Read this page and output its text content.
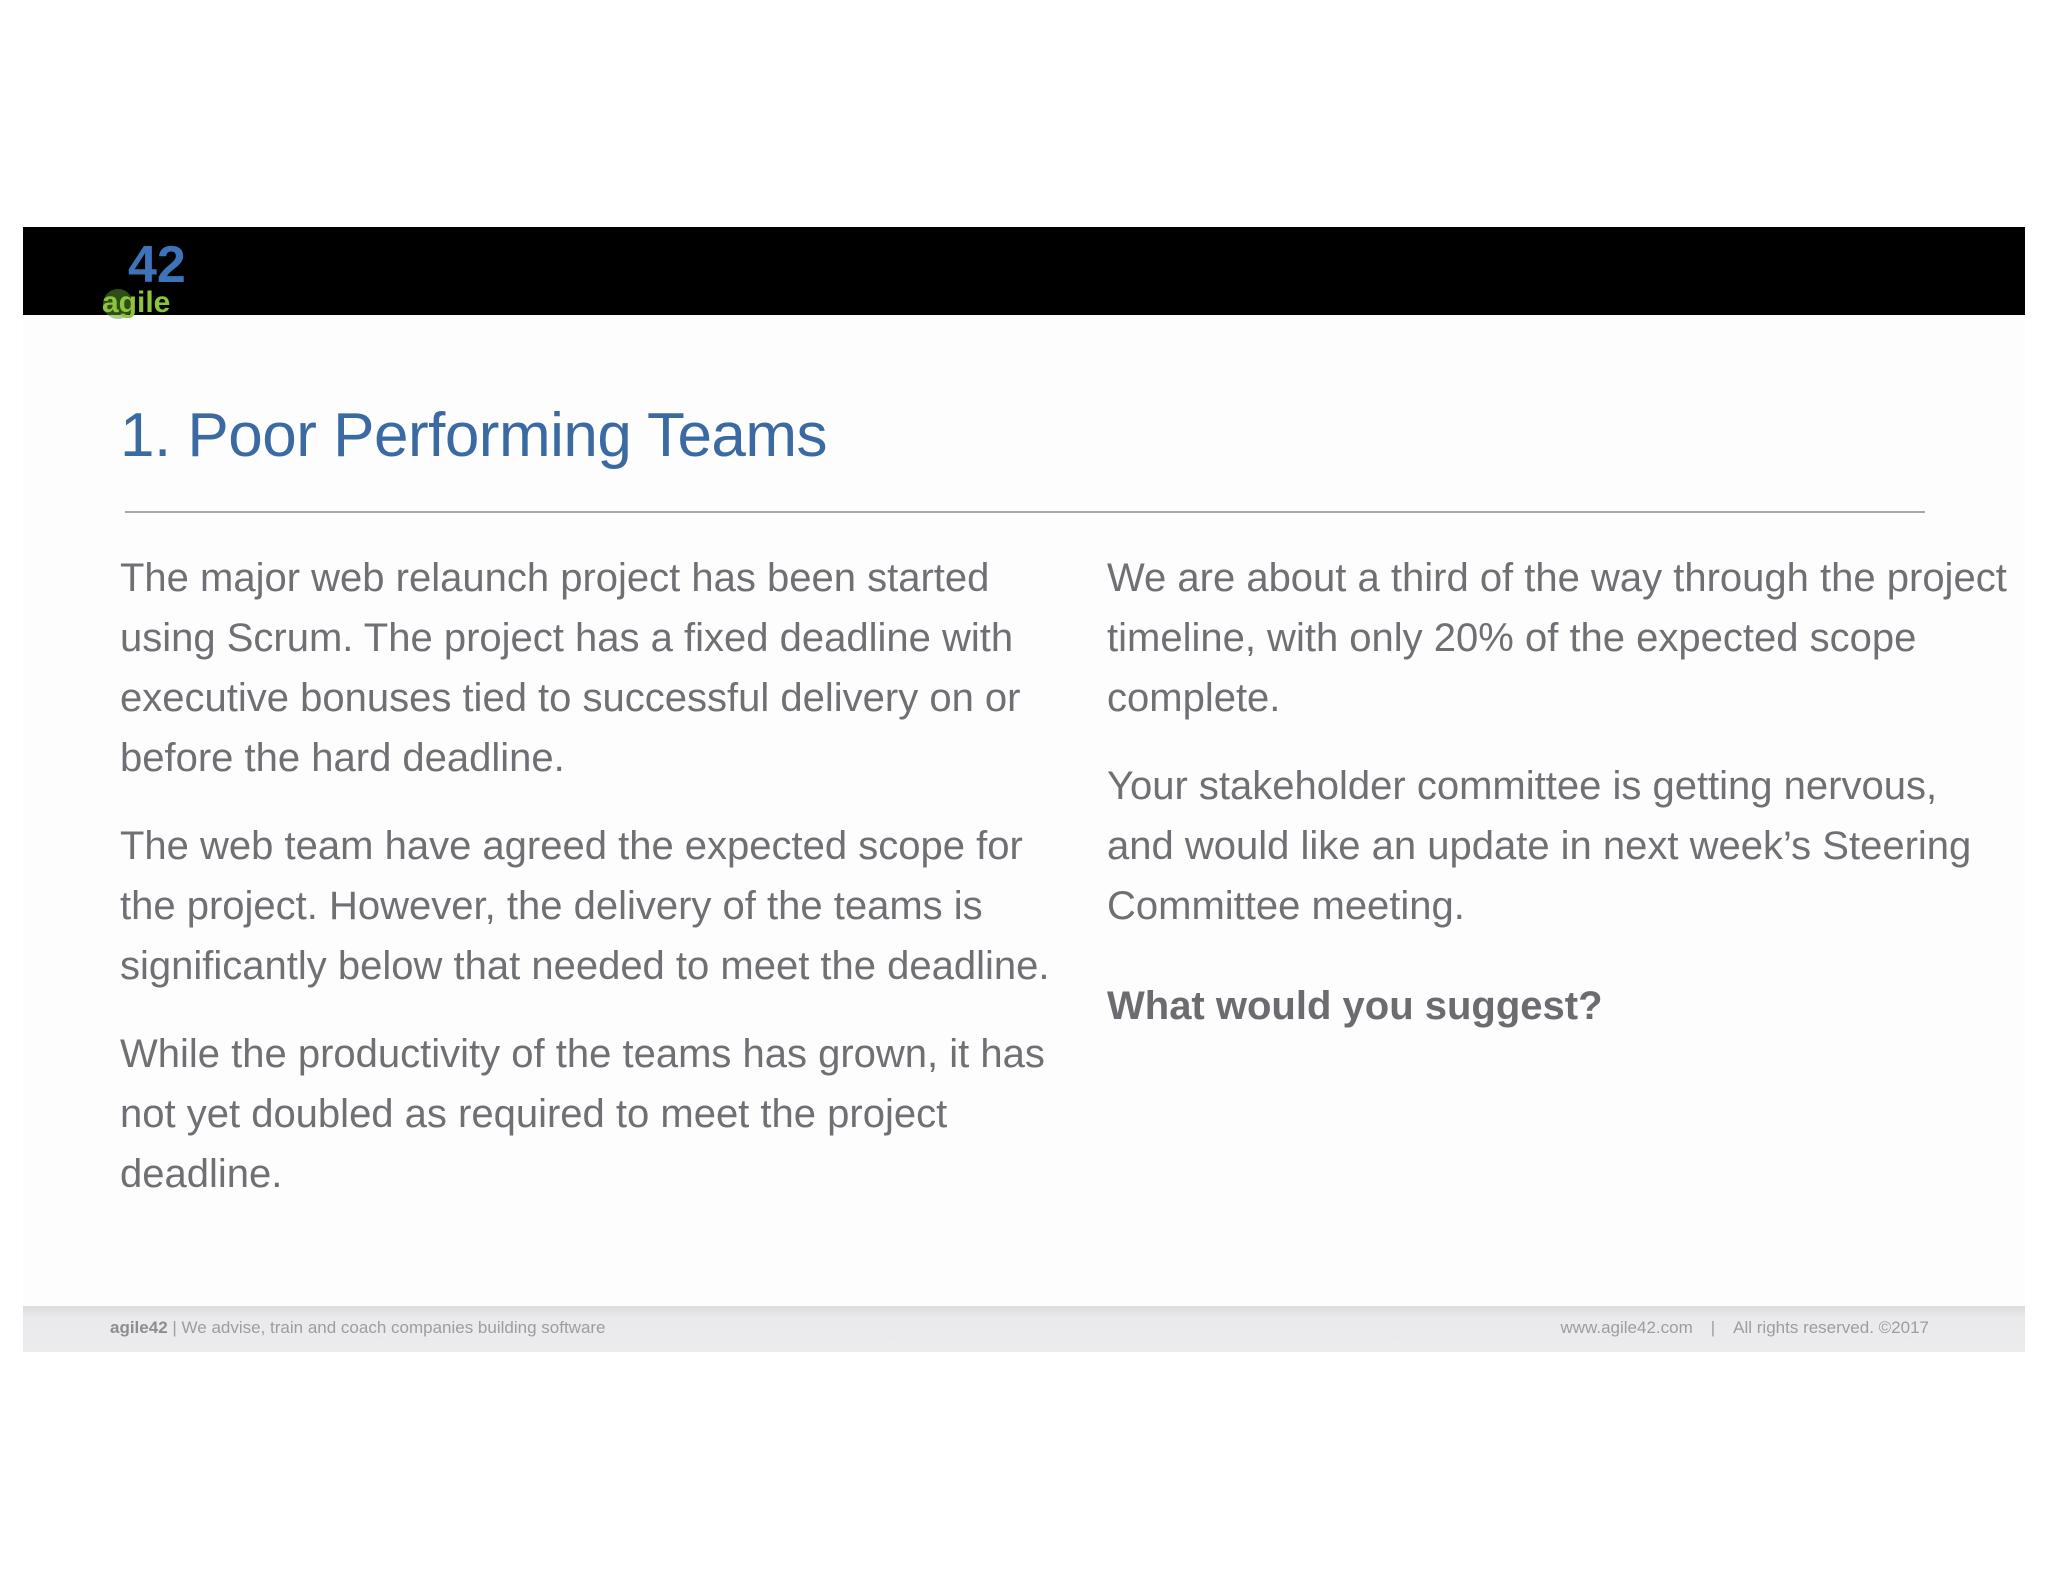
42
agile
1. Poor Performing Teams

The major web relaunch project has been started using Scrum. The project has a fixed deadline with executive bonuses tied to successful delivery on or before the hard deadline.

The web team have agreed the expected scope for the project. However, the delivery of the teams is significantly below that needed to meet the deadline.

While the productivity of the teams has grown, it has not yet doubled as required to meet the project deadline.

We are about a third of the way through the project timeline, with only 20% of the expected scope complete.

Your stakeholder committee is getting nervous, and would like an update in next week’s Steering Committee meeting.

What would you suggest?

agile42 | We advise, train and coach companies building software	www.agile42.com | All rights reserved. ©2017
